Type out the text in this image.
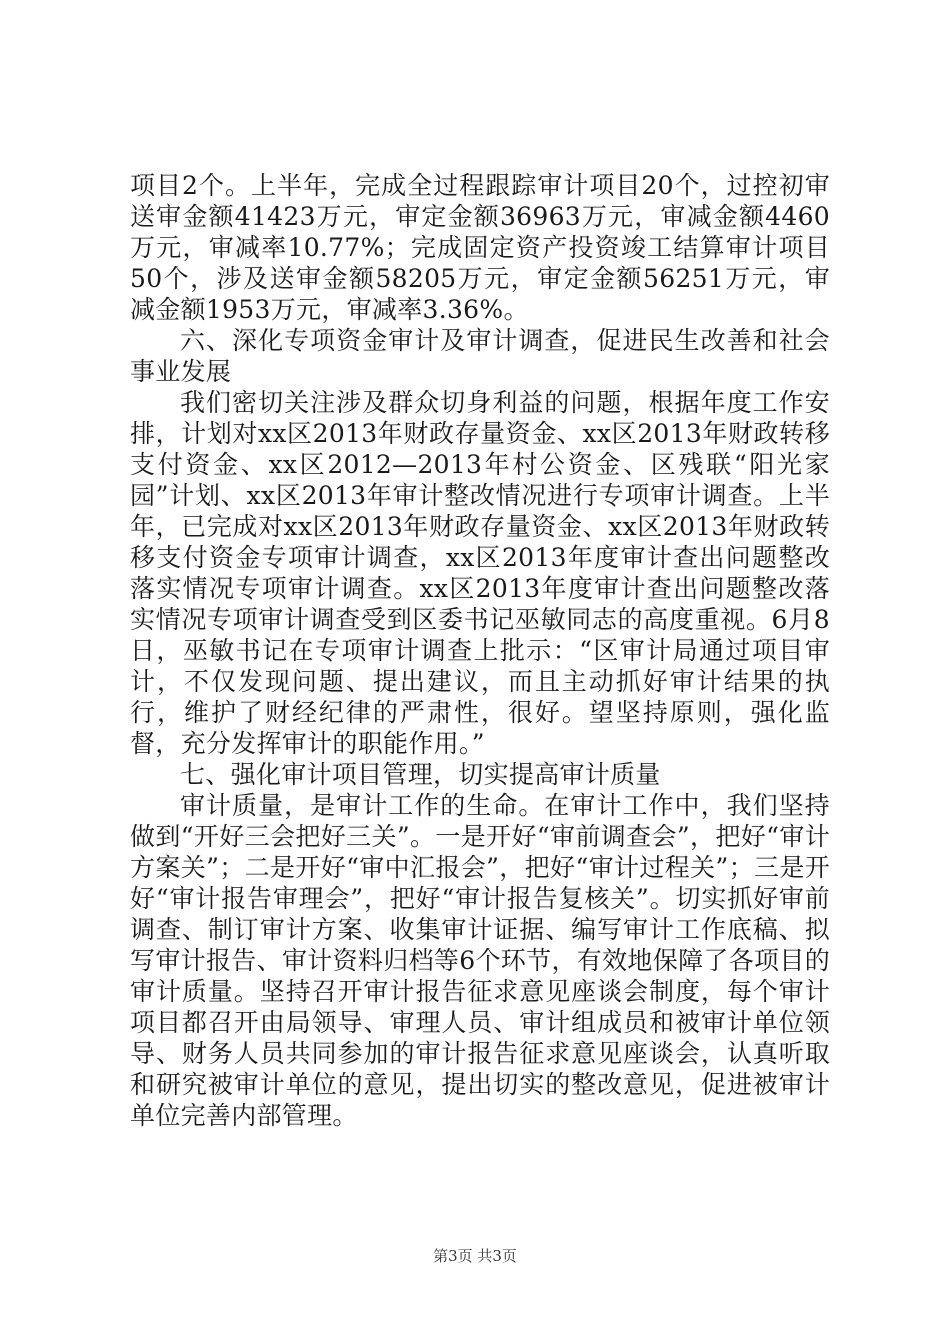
项目2个。上半年，完成全过程跟踪审计项目20个，过控初审送审金额41423万元，审定金额36963万元，审减金额4460万元，审减率10.77%；完成固定资产投资竣工结算审计项目50个，涉及送审金额58205万元，审定金额56251万元，审减金额1953万元，审减率3.36%。

六、深化专项资金审计及审计调查，促进民生改善和社会事业发展

我们密切关注涉及群众切身利益的问题，根据年度工作安排，计划对xx区2013年财政存量资金、xx区2013年财政转移支付资金、xx区2012—2013年村公资金、区残联“阳光家园”计划、xx区2013年审计整改情况进行专项审计调查。上半年，已完成对xx区2013年财政存量资金、xx区2013年财政转移支付资金专项审计调查，xx区2013年度审计查出问题整改落实情况专项审计调查。xx区2013年度审计查出问题整改落实情况专项审计调查受到区委书记巫敏同志的高度重视。6月8日，巫敏书记在专项审计调查上批示：“区审计局通过项目审计，不仅发现问题、提出建议，而且主动抓好审计结果的执行，维护了财经纪律的严肃性，很好。望坚持原则，强化监督，充分发挥审计的职能作用。”

七、强化审计项目管理，切实提高审计质量

审计质量，是审计工作的生命。在审计工作中，我们坚持做到“开好三会把好三关”。一是开好“审前调查会”，把好“审计方案关”；二是开好“审中汇报会”，把好“审计过程关”；三是开好“审计报告审理会”，把好“审计报告复核关”。切实抓好审前调查、制订审计方案、收集审计证据、编写审计工作底稿、拟写审计报告、审计资料归档等6个环节，有效地保障了各项目的审计质量。坚持召开审计报告征求意见座谈会制度，每个审计项目都召开由局领导、审理人员、审计组成员和被审计单位领导、财务人员共同参加的审计报告征求意见座谈会，认真听取和研究被审计单位的意见，提出切实的整改意见，促进被审计单位完善内部管理。

第3页 共3页
